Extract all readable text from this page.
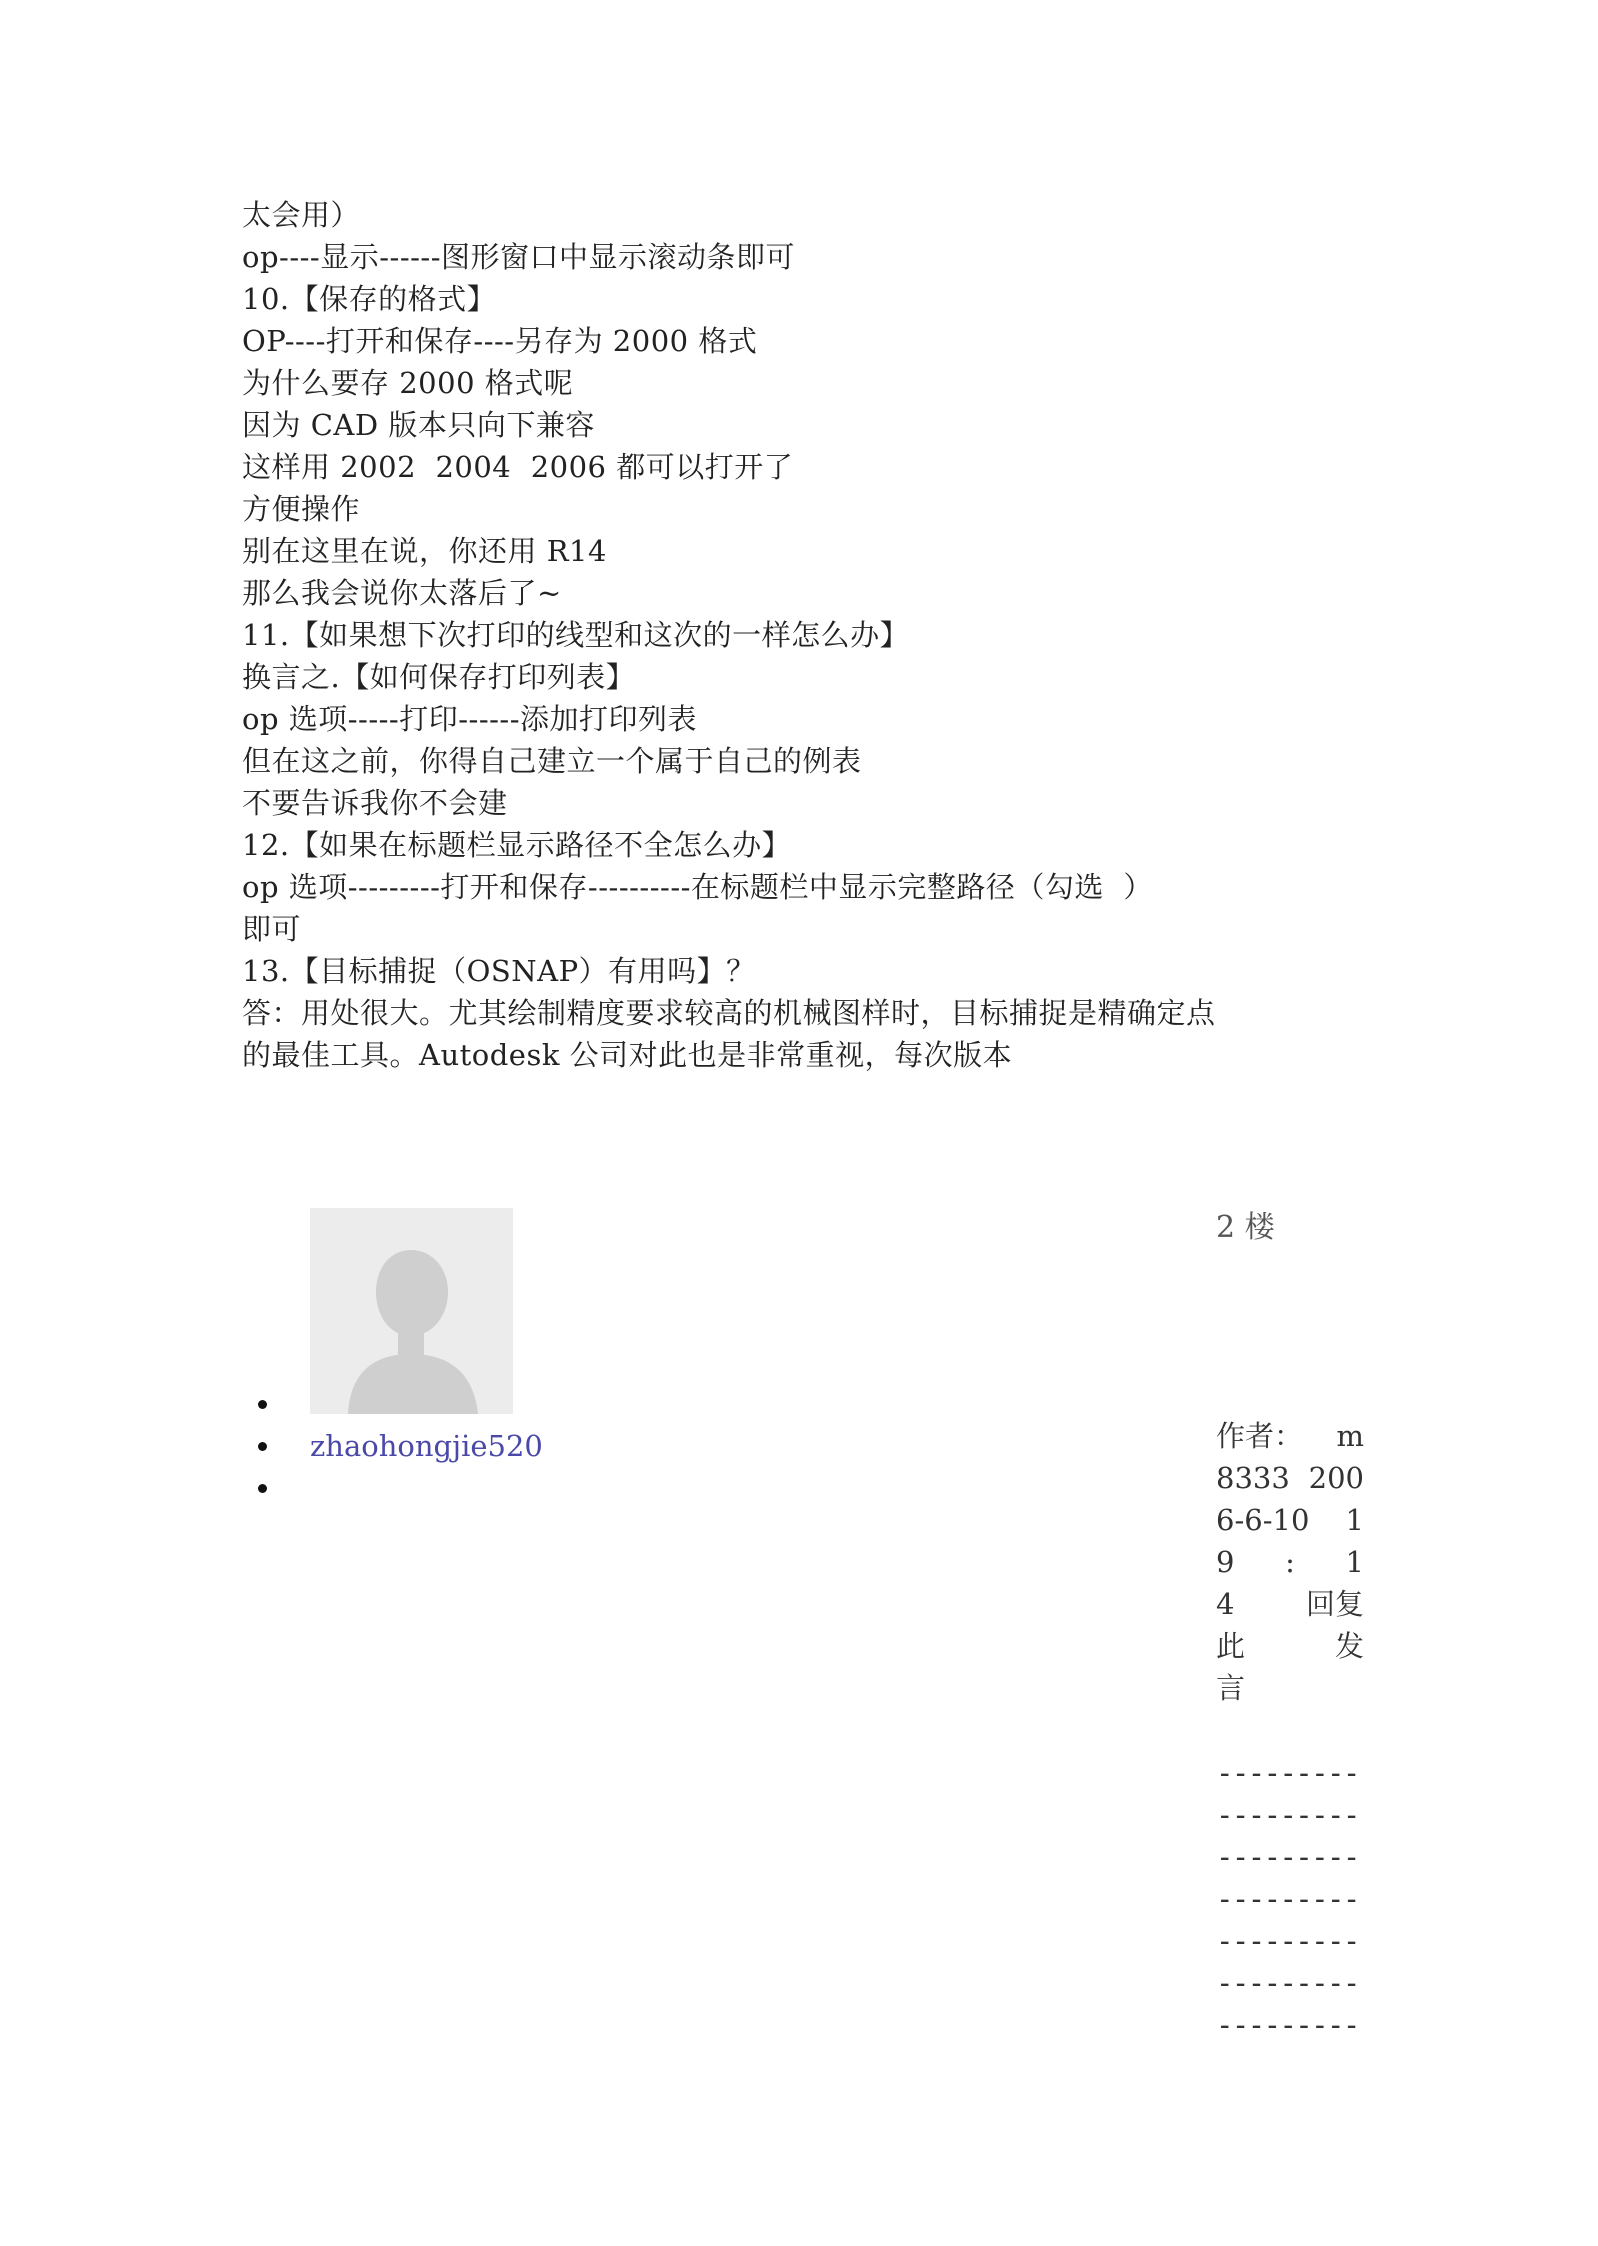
太会用）
op----显示------图形窗口中显示滚动条即可
10.【保存的格式】
OP----打开和保存----另存为 2000 格式
为什么要存 2000 格式呢
因为 CAD 版本只向下兼容
这样用 2002  2004  2006 都可以打开了
方便操作
别在这里在说，你还用 R14
那么我会说你太落后了~
11.【如果想下次打印的线型和这次的一样怎么办】
换言之.【如何保存打印列表】
op 选项-----打印------添加打印列表
但在这之前，你得自己建立一个属于自己的例表
不要告诉我你不会建
12.【如果在标题栏显示路径不全怎么办】
op 选项---------打开和保存----------在标题栏中显示完整路径（勾选  ）
即可
13.【目标捕捉（OSNAP）有用吗】？
答：用处很大。尤其绘制精度要求较高的机械图样时，目标捕捉是精确定点
的最佳工具。Autodesk 公司对此也是非常重视，每次版本
2 楼
zhaohongjie520	作者： m
8333 200
6-6-10 1
9 : 1
4 回复
此	发
言
---------
---------
---------
---------
---------
---------
---------
